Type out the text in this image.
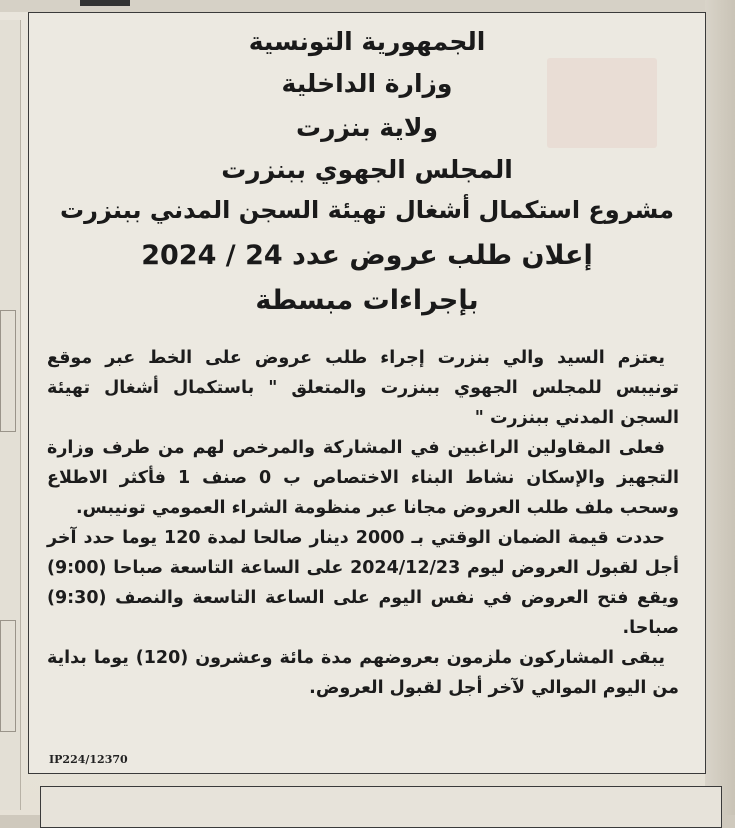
الجمهورية التونسية
وزارة الداخلية
ولاية بنزرت
المجلس الجهوي ببنزرت
مشروع استكمال أشغال تهيئة السجن المدني ببنزرت
إعلان طلب عروض عدد 24 / 2024
بإجراءات مبسطة

يعتزم السيد والي بنزرت إجراء طلب عروض على الخط عبر موقع تونيبس للمجلس الجهوي ببنزرت والمتعلق " باستكمال أشغال تهيئة السجن المدني ببنزرت "

فعلى المقاولين الراغبين في المشاركة والمرخص لهم من طرف وزارة التجهيز والإسكان نشاط البناء الاختصاص ب 0 صنف 1 فأكثر الاطلاع وسحب ملف طلب العروض مجانا عبر منظومة الشراء العمومي تونيبس.

حددت قيمة الضمان الوقتي بـ 2000 دينار صالحا لمدة 120 يوما حدد آخر أجل لقبول العروض ليوم 2024/12/23 على الساعة التاسعة صباحا (9:00) ويقع فتح العروض في نفس اليوم على الساعة التاسعة والنصف (9:30) صباحا.

يبقى المشاركون ملزمون بعروضهم مدة مائة وعشرون (120) يوما بداية من اليوم الموالي لآخر أجل لقبول العروض.

IP224/12370
